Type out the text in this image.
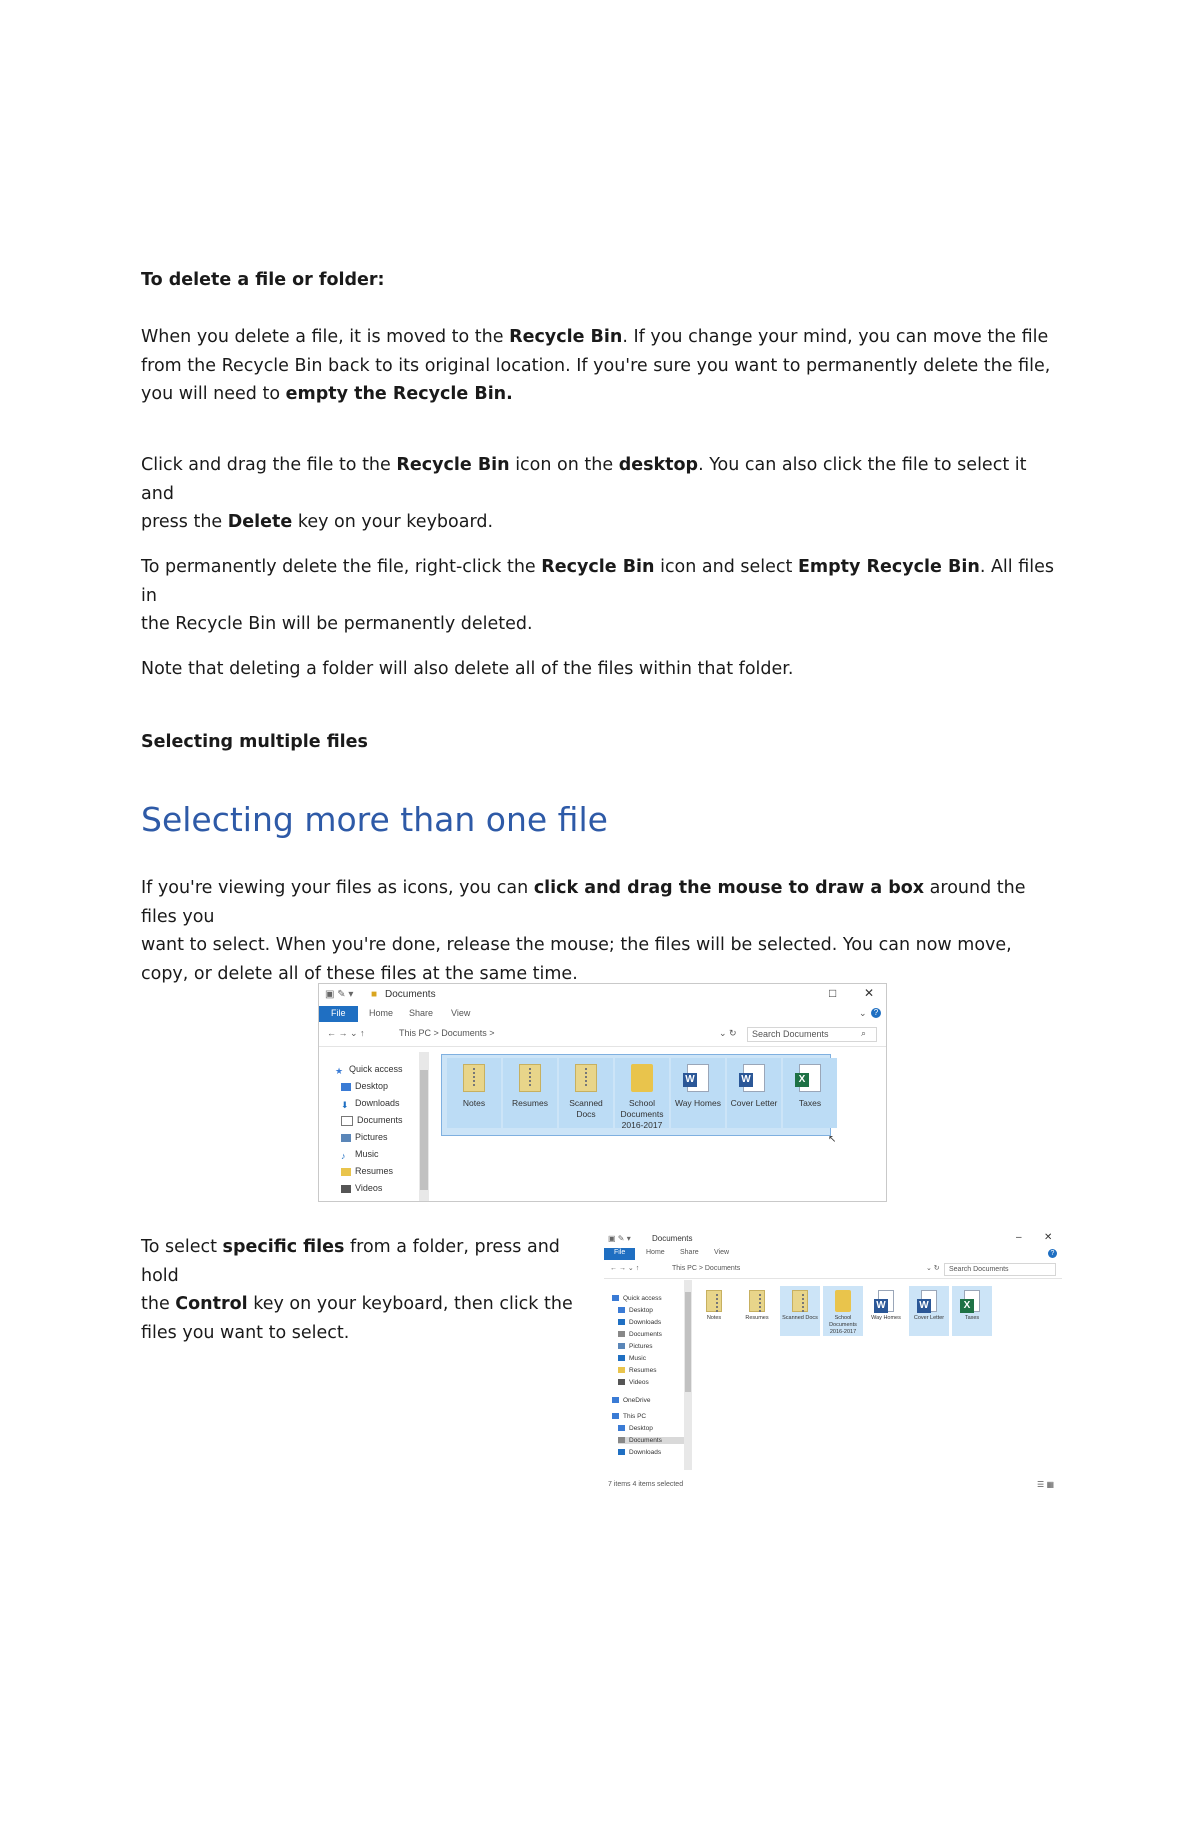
To delete a file or folder:

When you delete a file, it is moved to the Recycle Bin. If you change your mind, you can move the file
from the Recycle Bin back to its original location. If you're sure you want to permanently delete the file,
you will need to empty the Recycle Bin.

Click and drag the file to the Recycle Bin icon on the desktop. You can also click the file to select it and
press the Delete key on your keyboard.

To permanently delete the file, right-click the Recycle Bin icon and select Empty Recycle Bin. All files in
the Recycle Bin will be permanently deleted.

Note that deleting a folder will also delete all of the files within that folder.

Selecting multiple files

Selecting more than one file

If you're viewing your files as icons, you can click and drag the mouse to draw a box around the files you
want to select. When you're done, release the mouse; the files will be selected. You can now move,
copy, or delete all of these files at the same time.

▣ ✎ ▾ ■ Documents	□ ✕
File	Home Share View	⌄ ?
← → ⌄ ↑	This PC > Documents >	⌄ ↻	Search Documents	⌕
★ Quick access
Desktop
⬇ Downloads
Documents
Pictures
♪ Music
Resumes
Videos
Notes	Resumes	Scanned Docs
School Documents 2016-2017
W
Way Homes
W
Cover Letter
X
Taxes
↖

To select specific files from a folder, press and hold
the Control key on your keyboard, then click the
files you want to select.

▣ ✎ ▾	Documents	– ✕
File	Home Share View	?
← → ⌄ ↑	This PC > Documents	⌄ ↻	Search Documents
Quick access
Desktop
Downloads
Documents
Pictures
Music
Resumes
Videos
OneDrive
This PC
Desktop
Documents
Downloads
Notes	Resumes	Scanned Docs	School Documents 2016-2017
W
Way Homes
W
Cover Letter
X
Taxes
7 items 4 items selected	☰ ▦
